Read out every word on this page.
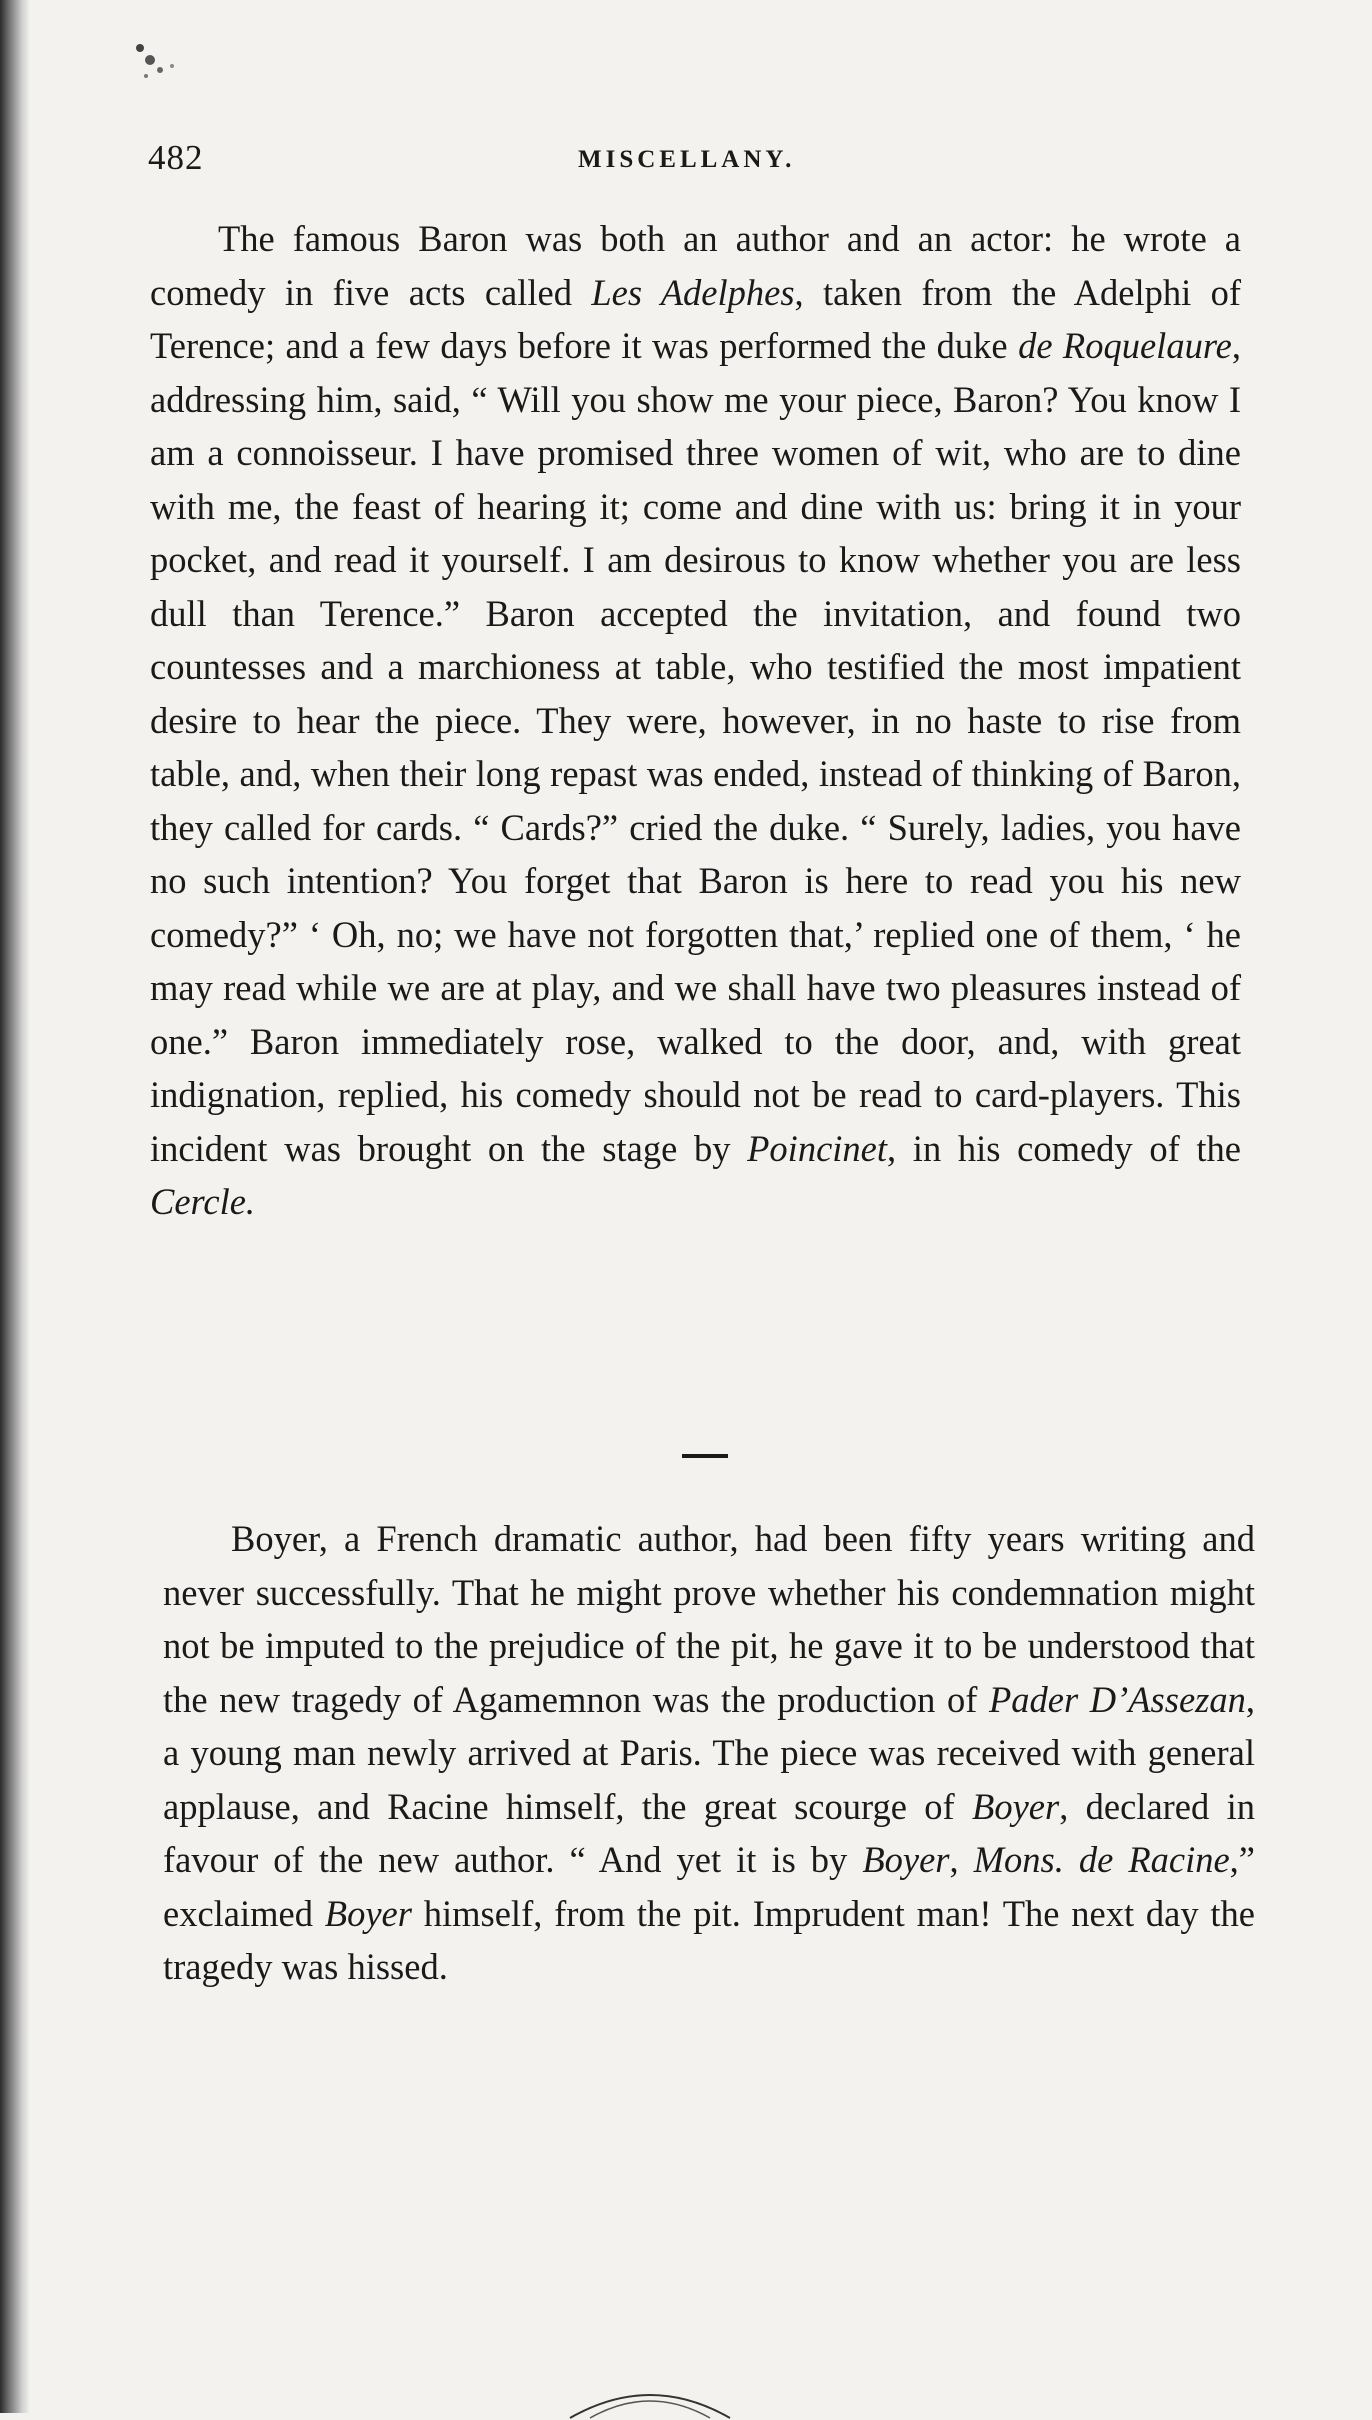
482	MISCELLANY.

The famous Baron was both an author and an actor: he wrote a comedy in five acts called Les Adelphes, taken from the Adelphi of Terence; and a few days before it was performed the duke de Roquelaure, addressing him, said, “ Will you show me your piece, Baron? You know I am a connoisseur. I have promised three women of wit, who are to dine with me, the feast of hearing it; come and dine with us: bring it in your pocket, and read it yourself. I am desirous to know whether you are less dull than Terence.” Baron accepted the invitation, and found two countesses and a marchioness at table, who testified the most impatient desire to hear the piece. They were, however, in no haste to rise from table, and, when their long repast was ended, instead of thinking of Baron, they called for cards. “ Cards?” cried the duke. “ Surely, ladies, you have no such intention? You forget that Baron is here to read you his new comedy?” ‘ Oh, no; we have not forgotten that,’ replied one of them, ‘ he may read while we are at play, and we shall have two pleasures instead of one.” Baron immediately rose, walked to the door, and, with great indignation, replied, his comedy should not be read to card-players. This incident was brought on the stage by Poincinet, in his comedy of the Cercle.

Boyer, a French dramatic author, had been fifty years writing and never successfully. That he might prove whether his condemnation might not be imputed to the prejudice of the pit, he gave it to be understood that the new tragedy of Agamemnon was the production of Pader D’Assezan, a young man newly arrived at Paris. The piece was received with general applause, and Racine himself, the great scourge of Boyer, declared in favour of the new author. “ And yet it is by Boyer, Mons. de Racine,” exclaimed Boyer himself, from the pit. Imprudent man! The next day the tragedy was hissed.
